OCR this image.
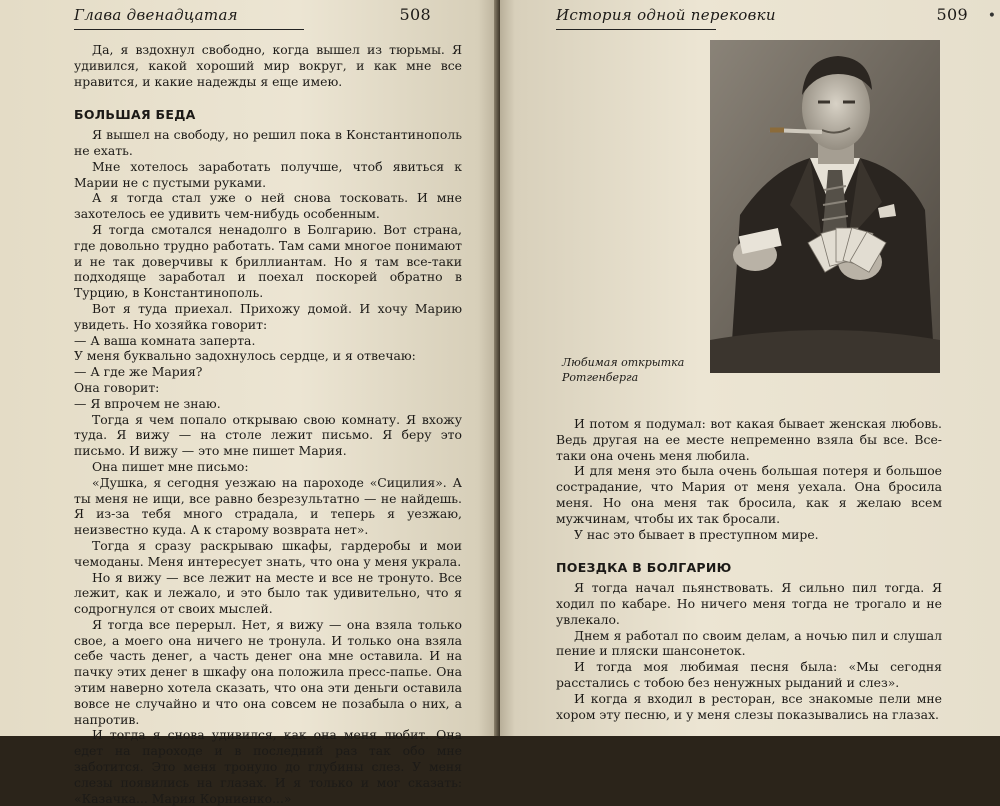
Глава двенадцатая	508

Да, я вздохнул свободно, когда вышел из тюрьмы. Я удивился, какой хороший мир вокруг, и как мне все нравится, и какие надежды я еще имею.

БОЛЬШАЯ БЕДА

Я вышел на свободу, но решил пока в Константинополь не ехать.

Мне хотелось заработать получше, чтоб явиться к Марии не с пустыми руками.

А я тогда стал уже о ней снова тосковать. И мне захотелось ее удивить чем-нибудь особенным.

Я тогда смотался ненадолго в Болгарию. Вот страна, где довольно трудно работать. Там сами многое понимают и не так доверчивы к бриллиантам. Но я там все-таки подходяще заработал и поехал поскорей обратно в Турцию, в Константинополь.

Вот я туда приехал. Прихожу домой. И хочу Марию увидеть. Но хозяйка говорит:

— А ваша комната заперта.

У меня буквально задохнулось сердце, и я отвечаю:

— А где же Мария?

Она говорит:

— Я впрочем не знаю.

Тогда я чем попало открываю свою комнату. Я вхожу туда. Я вижу — на столе лежит письмо. Я беру это письмо. И вижу — это мне пишет Мария.

Она пишет мне письмо:

«Душка, я сегодня уезжаю на пароходе «Сицилия». А ты меня не ищи, все равно безрезультатно — не найдешь. Я из-за тебя много страдала, и теперь я уезжаю, неизвестно куда. А к старому возврата нет».

Тогда я сразу раскрываю шкафы, гардеробы и мои чемоданы. Меня интересует знать, что она у меня украла.

Но я вижу — все лежит на месте и все не тронуто. Все лежит, как и лежало, и это было так удивительно, что я содрогнулся от своих мыслей.

Я тогда все перерыл. Нет, я вижу — она взяла только свое, а моего она ничего не тронула. И только она взяла себе часть денег, а часть денег она мне оставила. И на пачку этих денег в шкафу она положила пресс-папье. Она этим наверно хотела сказать, что она эти деньги оставила вовсе не случайно и что она совсем не позабыла о них, а напротив.

И тогда я снова удивился, как она меня любит. Она едет на пароходе и в последний раз так обо мне заботится. Это меня тронуло до глубины слез. У меня слезы появились на глазах. И я только и мог сказать: «Казачка... Мария Корниенко...»

История одной перековки	509 •
Любимая открытка Ротгенберга

И потом я подумал: вот какая бывает женская любовь. Ведь другая на ее месте непременно взяла бы все. Все-таки она очень меня любила.

И для меня это была очень большая потеря и большое сострадание, что Мария от меня уехала. Она бросила меня. Но она меня так бросила, как я желаю всем мужчинам, чтобы их так бросали.

У нас это бывает в преступном мире.

ПОЕЗДКА В БОЛГАРИЮ

Я тогда начал пьянствовать. Я сильно пил тогда. Я ходил по кабаре. Но ничего меня тогда не трогало и не увлекало.

Днем я работал по своим делам, а ночью пил и слушал пение и пляски шансонеток.

И тогда моя любимая песня была: «Мы сегодня расстались с тобою без ненужных рыданий и слез».

И когда я входил в ресторан, все знакомые пели мне хором эту песню, и у меня слезы показывались на глазах.
